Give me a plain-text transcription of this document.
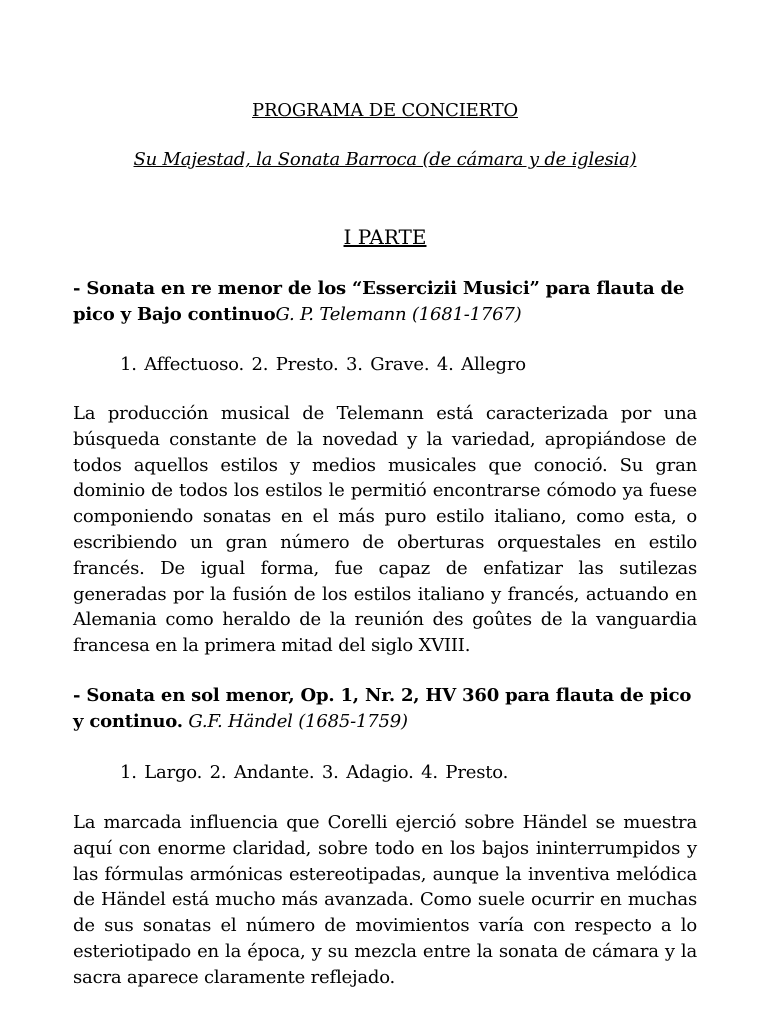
PROGRAMA DE CONCIERTO

Su Majestad, la Sonata Barroca (de cámara y de iglesia)

I PARTE

- Sonata en re menor de los “Essercizii Musici” para flauta de pico y Bajo continuoG. P. Telemann (1681-1767)

1. Affectuoso. 2. Presto. 3. Grave. 4. Allegro

La producción musical de Telemann está caracterizada por una búsqueda constante de la novedad y la variedad, apropiándose de todos aquellos estilos y medios musicales que conoció. Su gran dominio de todos los estilos le permitió encontrarse cómodo ya fuese componiendo sonatas en el más puro estilo italiano, como esta, o escribiendo un gran número de oberturas orquestales en estilo francés. De igual forma, fue capaz de enfatizar las sutilezas generadas por la fusión de los estilos italiano y francés, actuando en Alemania como heraldo de la reunión des goûtes de la vanguardia francesa en la primera mitad del siglo XVIII.

- Sonata en sol menor, Op. 1, Nr. 2, HV 360 para flauta de pico y continuo. G.F. Händel (1685-1759)

1. Largo. 2. Andante. 3. Adagio. 4. Presto.

La marcada influencia que Corelli ejerció sobre Händel se muestra aquí con enorme claridad, sobre todo en los bajos ininterrumpidos y las fórmulas armónicas estereotipadas, aunque la inventiva melódica de Händel está mucho más avanzada. Como suele ocurrir en muchas de sus sonatas el número de movimientos varía con respecto a lo esteriotipado en la época, y su mezcla entre la sonata de cámara y la sacra aparece claramente reflejado.
